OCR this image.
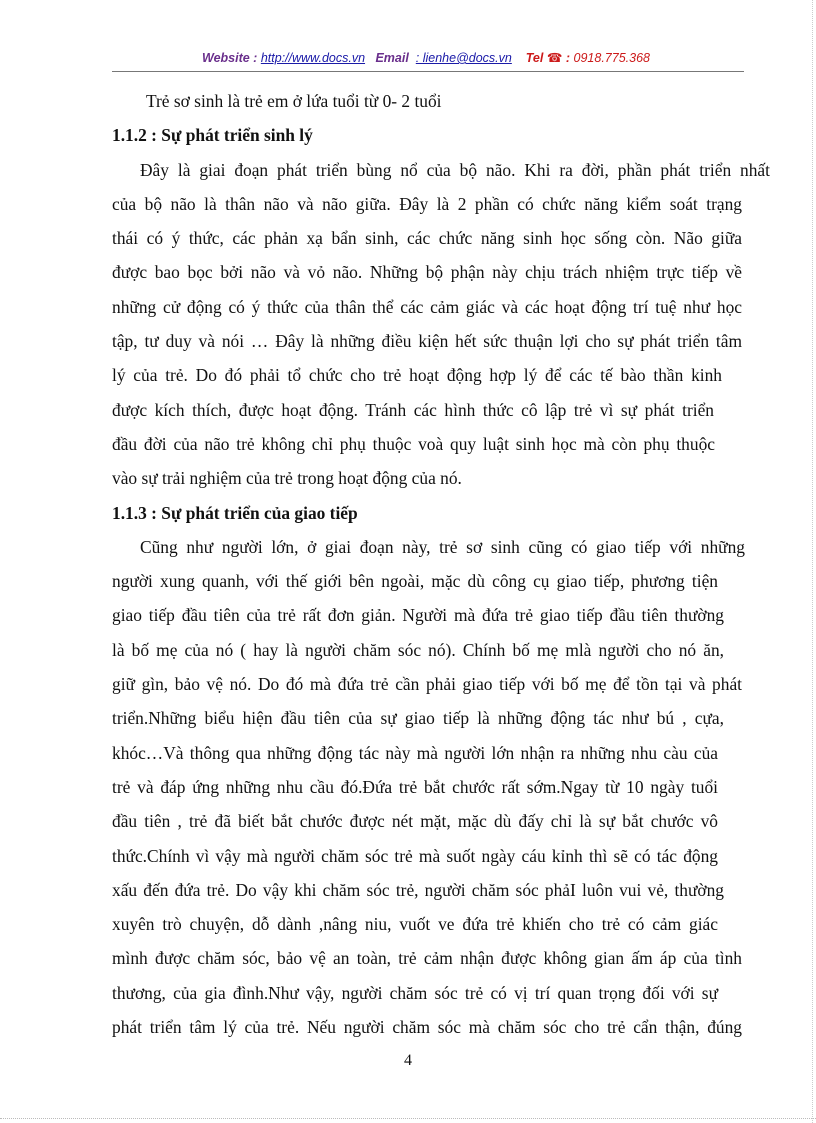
Website : http://www.docs.vn Email : lienhe@docs.vn Tel ☎ : 0918.775.368
Trẻ sơ sinh là trẻ em ở lứa tuổi từ 0- 2 tuổi
1.1.2 : Sự phát triển sinh lý
Đây là giai đoạn phát triển bùng nổ của bộ não. Khi ra đời, phần phát triển nhất
của bộ não là thân não và não giữa. Đây là 2 phần có chức năng kiểm soát trạng
thái có ý thức, các phản xạ bẩn sinh, các chức năng sinh học sống còn. Não giữa
được bao bọc bởi não và vỏ não. Những bộ phận này chịu trách nhiệm trực tiếp về
những cử động có ý thức của thân thể các cảm giác và các hoạt động trí tuệ như học
tập, tư duy và nói … Đây là những điều kiện hết sức thuận lợi cho sự phát triển tâm
lý của trẻ. Do đó phải tổ chức cho trẻ hoạt động hợp lý để các tế bào thần kinh
được kích thích, được hoạt động. Tránh các hình thức cô lập trẻ vì sự phát triển
đầu đời của não trẻ không chỉ phụ thuộc voà quy luật sinh học mà còn phụ thuộc
vào sự trải nghiệm của trẻ trong hoạt động của nó.
1.1.3 : Sự phát triển của giao tiếp
Cũng như người lớn, ở giai đoạn này, trẻ sơ sinh cũng có giao tiếp với những
người xung quanh, với thế giới bên ngoài, mặc dù công cụ giao tiếp, phương tiện
giao tiếp đầu tiên của trẻ rất đơn giản. Người mà đứa trẻ giao tiếp đầu tiên thường
là bố mẹ của nó ( hay là người chăm sóc nó). Chính bố mẹ mlà người cho nó ăn,
giữ gìn, bảo vệ nó. Do đó mà đứa trẻ cần phải giao tiếp với bố mẹ để tồn tại và phát
triển.Những biểu hiện đầu tiên của sự giao tiếp là những động tác như bú , cựa,
khóc…Và thông qua những động tác này mà người lớn nhận ra những nhu càu của
trẻ và đáp ứng những nhu cầu đó.Đứa trẻ bắt chước rất sớm.Ngay từ 10 ngày tuổi
đầu tiên , trẻ đã biết bắt chước được nét mặt, mặc dù đấy chỉ là sự bắt chước vô
thức.Chính vì vậy mà người chăm sóc trẻ mà suốt ngày cáu kỉnh thì sẽ có tác động
xấu đến đứa trẻ. Do vậy khi chăm sóc trẻ, người chăm sóc phảI luôn vui vẻ, thường
xuyên trò chuyện, dỗ dành ,nâng niu, vuốt ve đứa trẻ khiến cho trẻ có cảm giác
mình được chăm sóc, bảo vệ an toàn, trẻ cảm nhận được không gian ấm áp của tình
thương, của gia đình.Như vậy, người chăm sóc trẻ có vị trí quan trọng đối với sự
phát triển tâm lý của trẻ. Nếu người chăm sóc mà chăm sóc cho trẻ cẩn thận, đúng
4
